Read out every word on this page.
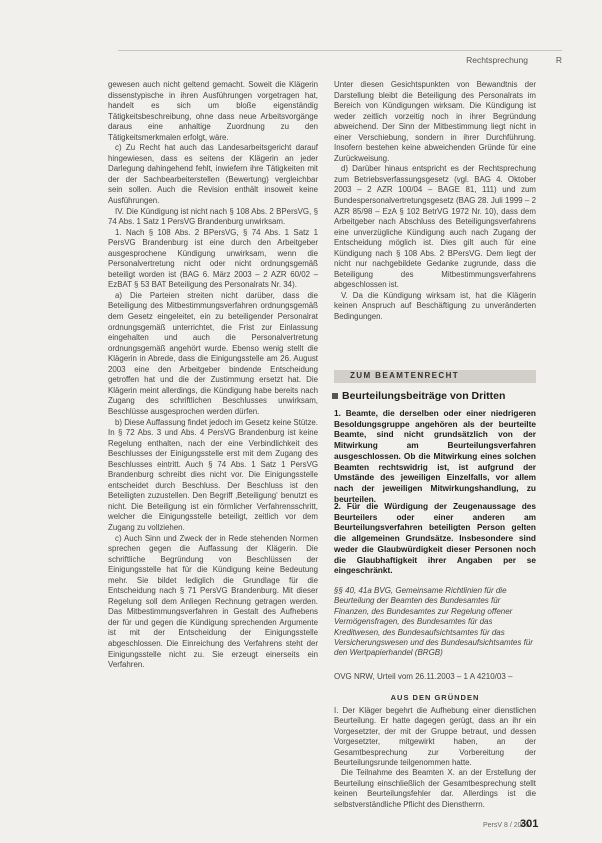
Rechtsprechung	R

gewesen auch nicht geltend gemacht. Soweit die Klägerin dissenstypische in ihren Ausführungen vorgetragen hat, handelt es sich um bloße eigenständig Tätigkeitsbeschreibung, ohne dass neue Arbeitsvorgänge daraus eine anhaltige Zuordnung zu den Tätigkeitsmerkmalen erfolgt, wäre.

c) Zu Recht hat auch das Landesarbeitsgericht darauf hingewiesen, dass es seitens der Klägerin an jeder Darlegung dahingehend fehlt, inwiefern ihre Tätigkeiten mit der der Sachbearbeiterstellen (Bewertung) vergleichbar sein sollen. Auch die Revision enthält insoweit keine Ausführungen.

IV. Die Kündigung ist nicht nach § 108 Abs. 2 BPersVG, § 74 Abs. 1 Satz 1 PersVG Brandenburg unwirksam.

1. Nach § 108 Abs. 2 BPersVG, § 74 Abs. 1 Satz 1 PersVG Brandenburg ist eine durch den Arbeitgeber ausgesprochene Kündigung unwirksam, wenn die Personalvertretung nicht oder nicht ordnungsgemäß beteiligt worden ist (BAG 6. März 2003 – 2 AZR 60/02 – EzBAT § 53 BAT Beteiligung des Personalrats Nr. 34).

a) Die Parteien streiten nicht darüber, dass die Beteiligung des Mitbestimmungsverfahren ordnungsgemäß dem Gesetz eingeleitet, ein zu beteiligender Personalrat ordnungsgemäß unterrichtet, die Frist zur Einlassung eingehalten und auch die Personalvertretung ordnungsgemäß angehört wurde. Ebenso wenig stellt die Klägerin in Abrede, dass die Einigungsstelle am 26. August 2003 eine den Arbeitgeber bindende Entscheidung getroffen hat und die der Zustimmung ersetzt hat. Die Klägerin meint allerdings, die Kündigung habe bereits nach Zugang des schriftlichen Beschlusses unwirksam, Beschlüsse ausgesprochen werden dürfen.

b) Diese Auffassung findet jedoch im Gesetz keine Stütze. In § 72 Abs. 3 und Abs. 4 PersVG Brandenburg ist keine Regelung enthalten, nach der eine Verbindlichkeit des Beschlusses der Einigungsstelle erst mit dem Zugang des Beschlusses eintritt. Auch § 74 Abs. 1 Satz 1 PersVG Brandenburg schreibt dies nicht vor. Die Einigungsstelle entscheidet durch Beschluss. Der Beschluss ist den Beteiligten zuzustellen. Den Begriff ‚Beteiligung‘ benutzt es nicht. Die Beteiligung ist ein förmlicher Verfahrensschritt, welcher die Einigungsstelle beteiligt, zeitlich vor dem Zugang zu vollziehen.

c) Auch Sinn und Zweck der in Rede stehenden Normen sprechen gegen die Auffassung der Klägerin. Die schriftliche Begründung von Beschlüssen der Einigungsstelle hat für die Kündigung keine Bedeutung mehr. Sie bildet lediglich die Grundlage für die Entscheidung nach § 71 PersVG Brandenburg. Mit dieser Regelung soll dem Anliegen Rechnung getragen werden. Das Mitbestimmungsverfahren in Gestalt des Aufhebens der für und gegen die Kündigung sprechenden Argumente ist mit der Entscheidung der Einigungsstelle abgeschlossen. Die Einreichung des Verfahrens steht der Einigungsstelle nicht zu. Sie erzeugt einerseits ein Verfahren.

Unter diesen Gesichtspunkten von Bewandtnis der Darstellung bleibt die Beteiligung des Personalrats im Bereich von Kündigungen wirksam. Die Kündigung ist weder zeitlich vorzeitig noch in ihrer Begründung abweichend. Der Sinn der Mitbestimmung liegt nicht in einer Verschiebung, sondern in ihrer Durchführung. Insofern bestehen keine abweichenden Gründe für eine Zurückweisung.

d) Darüber hinaus entspricht es der Rechtsprechung zum Betriebsverfassungsgesetz (vgl. BAG 4. Oktober 2003 – 2 AZR 100/04 – BAGE 81, 111) und zum Bundespersonalvertretungsgesetz (BAG 28. Juli 1999 – 2 AZR 85/98 – EzA § 102 BetrVG 1972 Nr. 10), dass dem Arbeitgeber nach Abschluss des Beteiligungsverfahrens eine unverzügliche Kündigung auch nach Zugang der Entscheidung möglich ist. Dies gilt auch für eine Kündigung nach § 108 Abs. 2 BPersVG. Dem liegt der nicht nur nachgebildete Gedanke zugrunde, dass die Beteiligung des Mitbestimmungsverfahrens abgeschlossen ist.

V. Da die Kündigung wirksam ist, hat die Klägerin keinen Anspruch auf Beschäftigung zu unveränderten Bedingungen.

ZUM BEAMTENRECHT
Beurteilungsbeiträge von Dritten
1. Beamte, die derselben oder einer niedrigeren Besoldungsgruppe angehören als der beurteilte Beamte, sind nicht grundsätzlich von der Mitwirkung am Beurteilungsverfahren ausgeschlossen. Ob die Mitwirkung eines solchen Beamten rechtswidrig ist, ist aufgrund der Umstände des jeweiligen Einzelfalls, vor allem nach der jeweiligen Mitwirkungshandlung, zu beurteilen.
2. Für die Würdigung der Zeugenaussage des Beurteilers oder einer anderen am Beurteilungsverfahren beteiligten Person gelten die allgemeinen Grundsätze. Insbesondere sind weder die Glaubwürdigkeit dieser Personen noch die Glaubhaftigkeit ihrer Angaben per se eingeschränkt.
§§ 40, 41a BVG, Gemeinsame Richtlinien für die Beurteilung der Beamten des Bundesamtes für Finanzen, des Bundesamtes zur Regelung offener Vermögensfragen, des Bundesamtes für das Kreditwesen, des Bundesaufsichtsamtes für das Versicherungswesen und des Bundesaufsichtsamtes für den Wertpapierhandel (BRGB)
OVG NRW, Urteil vom 26.11.2003 – 1 A 4210/03 –
AUS DEN GRÜNDEN

I. Der Kläger begehrt die Aufhebung einer dienstlichen Beurteilung. Er hatte dagegen gerügt, dass an ihr ein Vorgesetzter, der mit der Gruppe betraut, und dessen Vorgesetzter, mitgewirkt haben, an der Gesamtbesprechung zur Vorbereitung der Beurteilungsrunde teilgenommen hatte.

Die Teilnahme des Beamten X. an der Erstellung der Beurteilung einschließlich der Gesamtbesprechung stellt keinen Beurteilungsfehler dar. Allerdings ist die selbstverständliche Pflicht des Dienstherrn.

PersV 8 / 2005
301
